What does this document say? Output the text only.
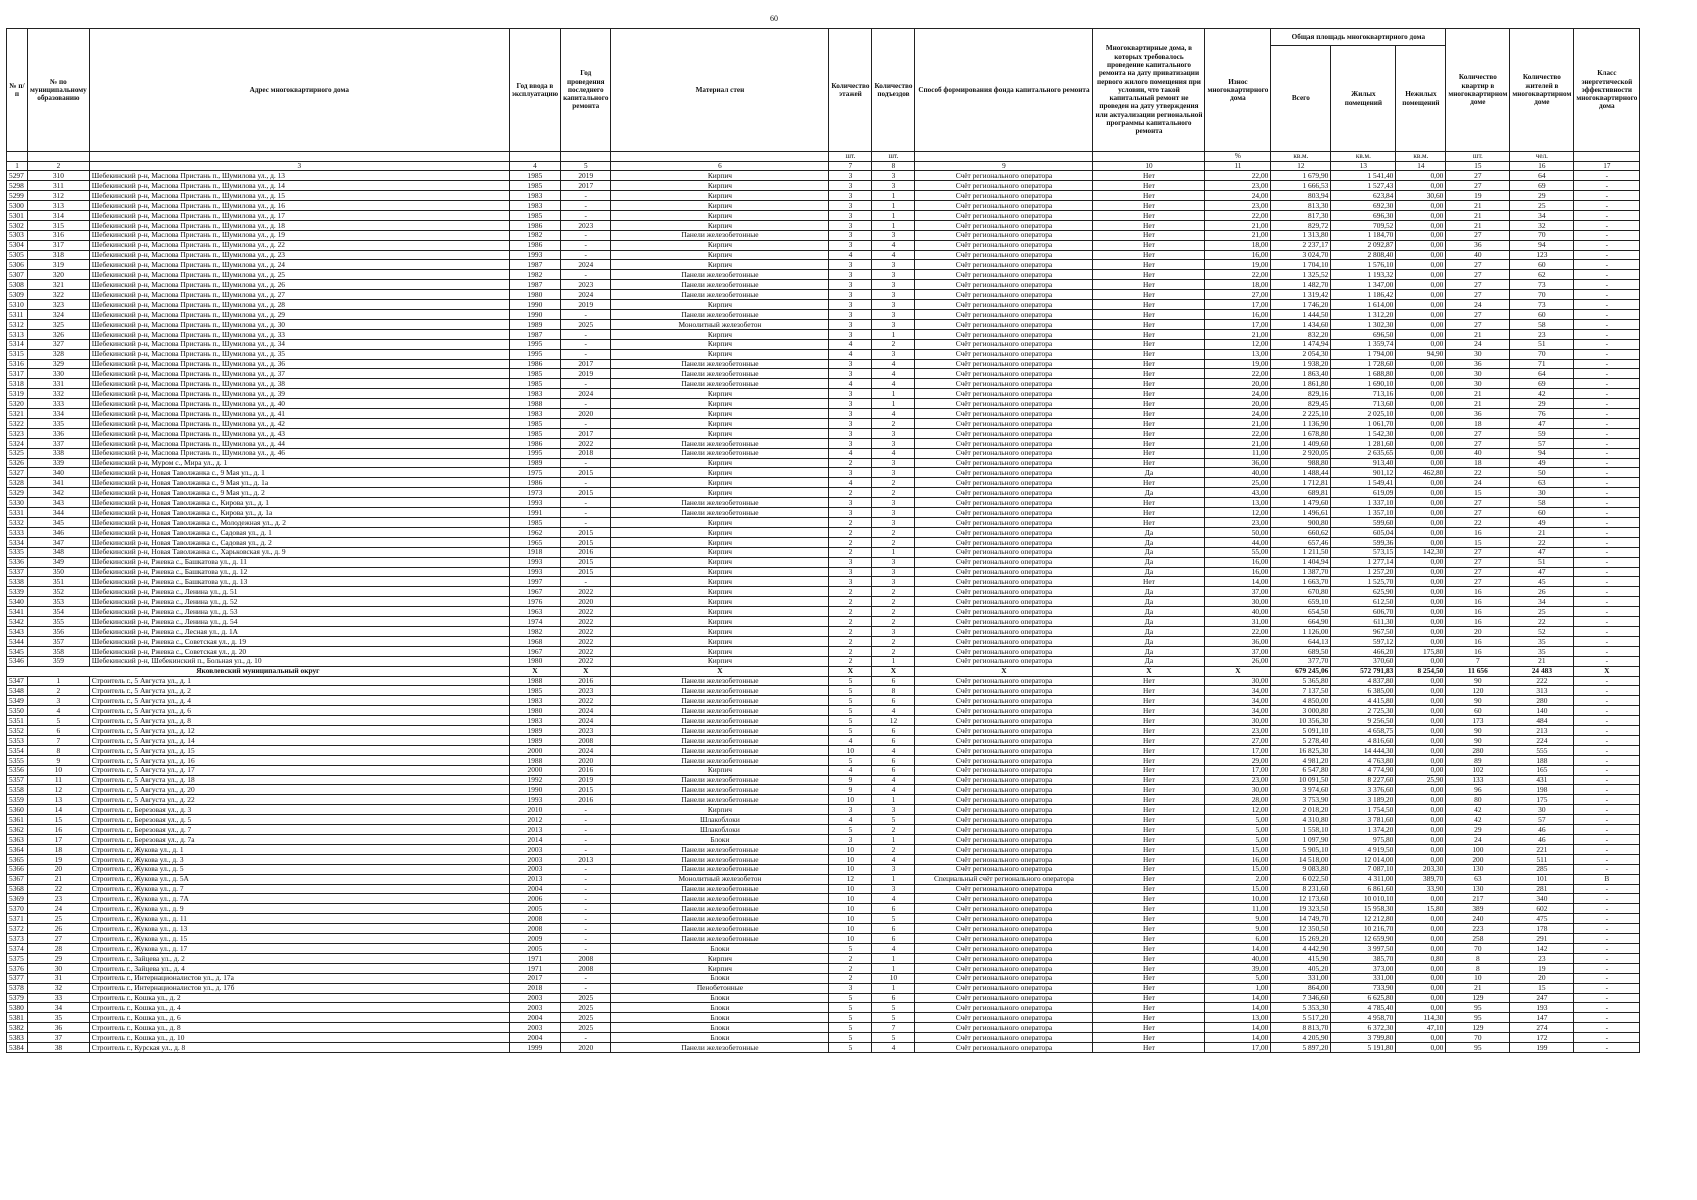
60
№ п/п	№ по муниципальному образованию	Адрес многоквартирного дома	Год ввода в эксплуатацию	Год проведения последнего капитального ремонта	Материал стен	Количество этажей	Количество подъездов	Способ формирования фонда капитального ремонта	Многоквартирные дома, в которых требовалось проведение капитального ремонта на дату приватизации первого жилого помещения при условии, что такой капитальный ремонт не проведен на дату утверждения или актуализации региональной программы капитального ремонта	Износ многоквартирного дома	Общая площадь многоквартирного дома			Количество квартир в многоквартирном доме	Количество жителей в многоквартирном доме	Класс энергетической эффективности многоквартирного дома
											Всего	Жилых помещений	Нежилых помещений			
						шт.	шт.			%	кв.м.	кв.м.	кв.м.	шт.	чел.	
1	2	3	4	5	6	7	8	9	10	11	12	13	14	15	16	17
5297	310	Шебекинский р-н, Маслова Пристань п., Шумилова ул., д. 13	1985	2019	Кирпич	3	3	Счёт регионального оператора	Нет	22,00	1 679,90	1 541,40	0,00	27	64	-
5298	311	Шебекинский р-н, Маслова Пристань п., Шумилова ул., д. 14	1985	2017	Кирпич	3	3	Счёт регионального оператора	Нет	23,00	1 666,53	1 527,43	0,00	27	69	-
5299	312	Шебекинский р-н, Маслова Пристань п., Шумилова ул., д. 15	1983	-	Кирпич	3	1	Счёт регионального оператора	Нет	24,00	803,94	623,84	30,60	19	29	-
5300	313	Шебекинский р-н, Маслова Пристань п., Шумилова ул., д. 16	1983	-	Кирпич	3	1	Счёт регионального оператора	Нет	23,00	813,30	692,30	0,00	21	25	-
5301	314	Шебекинский р-н, Маслова Пристань п., Шумилова ул., д. 17	1985	-	Кирпич	3	1	Счёт регионального оператора	Нет	22,00	817,30	696,30	0,00	21	34	-
5302	315	Шебекинский р-н, Маслова Пристань п., Шумилова ул., д. 18	1986	2023	Кирпич	3	1	Счёт регионального оператора	Нет	21,00	829,72	709,52	0,00	21	32	-
5303	316	Шебекинский р-н, Маслова Пристань п., Шумилова ул., д. 19	1982	-	Панели железобетонные	3	3	Счёт регионального оператора	Нет	21,00	1 313,80	1 184,70	0,00	27	70	-
5304	317	Шебекинский р-н, Маслова Пристань п., Шумилова ул., д. 22	1986	-	Кирпич	3	4	Счёт регионального оператора	Нет	18,00	2 237,17	2 092,87	0,00	36	94	-
5305	318	Шебекинский р-н, Маслова Пристань п., Шумилова ул., д. 23	1993	-	Кирпич	4	4	Счёт регионального оператора	Нет	16,00	3 024,70	2 808,40	0,00	40	123	-
5306	319	Шебекинский р-н, Маслова Пристань п., Шумилова ул., д. 24	1987	2024	Кирпич	3	3	Счёт регионального оператора	Нет	19,00	1 704,10	1 576,10	0,00	27	60	-
5307	320	Шебекинский р-н, Маслова Пристань п., Шумилова ул., д. 25	1982	-	Панели железобетонные	3	3	Счёт регионального оператора	Нет	22,00	1 325,52	1 193,32	0,00	27	62	-
5308	321	Шебекинский р-н, Маслова Пристань п., Шумилова ул., д. 26	1987	2023	Панели железобетонные	3	3	Счёт регионального оператора	Нет	18,00	1 482,70	1 347,00	0,00	27	73	-
5309	322	Шебекинский р-н, Маслова Пристань п., Шумилова ул., д. 27	1980	2024	Панели железобетонные	3	3	Счёт регионального оператора	Нет	27,00	1 319,42	1 186,42	0,00	27	70	-
5310	323	Шебекинский р-н, Маслова Пристань п., Шумилова ул., д. 28	1990	2019	Кирпич	3	3	Счёт регионального оператора	Нет	17,00	1 746,20	1 614,00	0,00	24	73	-
5311	324	Шебекинский р-н, Маслова Пристань п., Шумилова ул., д. 29	1990	-	Панели железобетонные	3	3	Счёт регионального оператора	Нет	16,00	1 444,50	1 312,20	0,00	27	60	-
5312	325	Шебекинский р-н, Маслова Пристань п., Шумилова ул., д. 30	1989	2025	Монолитный железобетон	3	3	Счёт регионального оператора	Нет	17,00	1 434,60	1 302,30	0,00	27	58	-
5313	326	Шебекинский р-н, Маслова Пристань п., Шумилова ул., д. 33	1987	-	Кирпич	3	1	Счёт регионального оператора	Нет	21,00	832,20	696,50	0,00	21	23	-
5314	327	Шебекинский р-н, Маслова Пристань п., Шумилова ул., д. 34	1995	-	Кирпич	4	2	Счёт регионального оператора	Нет	12,00	1 474,94	1 359,74	0,00	24	51	-
5315	328	Шебекинский р-н, Маслова Пристань п., Шумилова ул., д. 35	1995	-	Кирпич	4	3	Счёт регионального оператора	Нет	13,00	2 054,30	1 794,00	94,90	30	70	-
5316	329	Шебекинский р-н, Маслова Пристань п., Шумилова ул., д. 36	1986	2017	Панели железобетонные	3	4	Счёт регионального оператора	Нет	19,00	1 938,20	1 728,60	0,00	36	71	-
5317	330	Шебекинский р-н, Маслова Пристань п., Шумилова ул., д. 37	1985	2019	Панели железобетонные	3	4	Счёт регионального оператора	Нет	22,00	1 863,40	1 688,80	0,00	30	64	-
5318	331	Шебекинский р-н, Маслова Пристань п., Шумилова ул., д. 38	1985	-	Панели железобетонные	4	4	Счёт регионального оператора	Нет	20,00	1 861,80	1 690,10	0,00	30	69	-
5319	332	Шебекинский р-н, Маслова Пристань п., Шумилова ул., д. 39	1983	2024	Кирпич	3	1	Счёт регионального оператора	Нет	24,00	829,16	713,16	0,00	21	42	-
5320	333	Шебекинский р-н, Маслова Пристань п., Шумилова ул., д. 40	1988	-	Кирпич	3	1	Счёт регионального оператора	Нет	20,00	829,45	713,60	0,00	21	29	-
5321	334	Шебекинский р-н, Маслова Пристань п., Шумилова ул., д. 41	1983	2020	Кирпич	3	4	Счёт регионального оператора	Нет	24,00	2 225,10	2 025,10	0,00	36	76	-
5322	335	Шебекинский р-н, Маслова Пристань п., Шумилова ул., д. 42	1985	-	Кирпич	3	2	Счёт регионального оператора	Нет	21,00	1 136,90	1 061,70	0,00	18	47	-
5323	336	Шебекинский р-н, Маслова Пристань п., Шумилова ул., д. 43	1985	2017	Кирпич	3	3	Счёт регионального оператора	Нет	22,00	1 678,80	1 542,30	0,00	27	59	-
5324	337	Шебекинский р-н, Маслова Пристань п., Шумилова ул., д. 44	1986	2022	Панели железобетонные	3	3	Счёт регионального оператора	Нет	21,00	1 409,60	1 281,60	0,00	27	57	-
5325	338	Шебекинский р-н, Маслова Пристань п., Шумилова ул., д. 46	1995	2018	Панели железобетонные	4	4	Счёт регионального оператора	Нет	11,00	2 920,05	2 635,65	0,00	40	94	-
5326	339	Шебекинский р-н, Муром с., Мира ул., д. 1	1989	-	Кирпич	2	3	Счёт регионального оператора	Нет	36,00	988,80	913,40	0,00	18	49	-
5327	340	Шебекинский р-н, Новая Таволжанка с., 9 Мая ул., д. 1	1975	2015	Кирпич	3	3	Счёт регионального оператора	Да	40,00	1 488,44	901,12	462,80	22	50	-
5328	341	Шебекинский р-н, Новая Таволжанка с., 9 Мая ул., д. 1а	1986	-	Кирпич	4	2	Счёт регионального оператора	Нет	25,00	1 712,81	1 549,41	0,00	24	63	-
5329	342	Шебекинский р-н, Новая Таволжанка с., 9 Мая ул., д. 2	1973	2015	Кирпич	2	2	Счёт регионального оператора	Да	43,00	689,81	619,09	0,00	15	30	-
5330	343	Шебекинский р-н, Новая Таволжанка с., Кирова ул., д. 1	1993	-	Панели железобетонные	3	3	Счёт регионального оператора	Нет	13,00	1 479,60	1 337,10	0,00	27	58	-
5331	344	Шебекинский р-н, Новая Таволжанка с., Кирова ул., д. 1а	1991	-	Панели железобетонные	3	3	Счёт регионального оператора	Нет	12,00	1 496,61	1 357,10	0,00	27	60	-
5332	345	Шебекинский р-н, Новая Таволжанка с., Молодежная ул., д. 2	1985	-	Кирпич	2	3	Счёт регионального оператора	Нет	23,00	900,80	599,60	0,00	22	49	-
5333	346	Шебекинский р-н, Новая Таволжанка с., Садовая ул., д. 1	1962	2015	Кирпич	2	2	Счёт регионального оператора	Да	50,00	660,62	605,04	0,00	16	21	-
5334	347	Шебекинский р-н, Новая Таволжанка с., Садовая ул., д. 2	1965	2015	Кирпич	2	2	Счёт регионального оператора	Да	44,00	657,46	599,36	0,00	15	22	-
5335	348	Шебекинский р-н, Новая Таволжанка с., Харьковская ул., д. 9	1918	2016	Кирпич	2	1	Счёт регионального оператора	Да	55,00	1 211,50	573,15	142,30	27	47	-
5336	349	Шебекинский р-н, Ржевка с., Башкатова ул., д. 11	1993	2015	Кирпич	3	3	Счёт регионального оператора	Да	16,00	1 404,94	1 277,14	0,00	27	51	-
5337	350	Шебекинский р-н, Ржевка с., Башкатова ул., д. 12	1993	2015	Кирпич	3	3	Счёт регионального оператора	Да	16,00	1 387,70	1 257,20	0,00	27	47	-
5338	351	Шебекинский р-н, Ржевка с., Башкатова ул., д. 13	1997	-	Кирпич	3	3	Счёт регионального оператора	Нет	14,00	1 663,70	1 525,70	0,00	27	45	-
5339	352	Шебекинский р-н, Ржевка с., Ленина ул., д. 51	1967	2022	Кирпич	2	2	Счёт регионального оператора	Да	37,00	670,80	625,90	0,00	16	26	-
5340	353	Шебекинский р-н, Ржевка с., Ленина ул., д. 52	1976	2020	Кирпич	2	2	Счёт регионального оператора	Да	30,00	659,10	612,50	0,00	16	34	-
5341	354	Шебекинский р-н, Ржевка с., Ленина ул., д. 53	1963	2022	Кирпич	2	2	Счёт регионального оператора	Да	40,00	654,50	606,70	0,00	16	25	-
5342	355	Шебекинский р-н, Ржевка с., Ленина ул., д. 54	1974	2022	Кирпич	2	2	Счёт регионального оператора	Да	31,00	664,90	611,30	0,00	16	22	-
5343	356	Шебекинский р-н, Ржевка с., Лесная ул., д. 1А	1982	2022	Кирпич	2	3	Счёт регионального оператора	Да	22,00	1 126,00	967,50	0,00	20	52	-
5344	357	Шебекинский р-н, Ржевка с., Советская ул., д. 19	1968	2022	Кирпич	2	2	Счёт регионального оператора	Да	36,00	644,13	597,12	0,00	16	35	-
5345	358	Шебекинский р-н, Ржевка с., Советская ул., д. 20	1967	2022	Кирпич	2	2	Счёт регионального оператора	Да	37,00	689,50	466,20	175,80	16	35	-
5346	359	Шебекинский р-н, Шебекинский п., Больная ул., д. 10	1980	2022	Кирпич	2	1	Счёт регионального оператора	Да	26,00	377,70	370,60	0,00	7	21	-
Яковлевский муниципальный округ			X	X	X	X	X	X	X	X	679 245,06	572 791,83	8 254,50	11 656	24 483	X
5347	1	Строитель г., 5 Августа ул., д. 1	1988	2016	Панели железобетонные	5	6	Счёт регионального оператора	Нет	30,00	5 365,80	4 837,80	0,00	90	222	-
5348	2	Строитель г., 5 Августа ул., д. 2	1985	2023	Панели железобетонные	5	8	Счёт регионального оператора	Нет	34,00	7 137,50	6 385,00	0,00	120	313	-
5349	3	Строитель г., 5 Августа ул., д. 4	1983	2022	Панели железобетонные	5	6	Счёт регионального оператора	Нет	34,00	4 850,00	4 415,80	0,00	90	280	-
5350	4	Строитель г., 5 Августа ул., д. 6	1980	2024	Панели железобетонные	5	4	Счёт регионального оператора	Нет	34,00	3 000,80	2 725,30	0,00	60	140	-
5351	5	Строитель г., 5 Августа ул., д. 8	1983	2024	Панели железобетонные	5	12	Счёт регионального оператора	Нет	30,00	10 356,30	9 256,50	0,00	173	484	-
5352	6	Строитель г., 5 Августа ул., д. 12	1989	2023	Панели железобетонные	5	6	Счёт регионального оператора	Нет	23,00	5 091,10	4 658,75	0,00	90	213	-
5353	7	Строитель г., 5 Августа ул., д. 14	1989	2008	Панели железобетонные	4	6	Счёт регионального оператора	Нет	27,00	5 278,40	4 816,60	0,00	90	224	-
5354	8	Строитель г., 5 Августа ул., д. 15	2000	2024	Панели железобетонные	10	4	Счёт регионального оператора	Нет	17,00	16 825,30	14 444,30	0,00	280	555	-
5355	9	Строитель г., 5 Августа ул., д. 16	1988	2020	Панели железобетонные	5	6	Счёт регионального оператора	Нет	29,00	4 981,20	4 763,80	0,00	89	188	-
5356	10	Строитель г., 5 Августа ул., д. 17	2000	2016	Кирпич	4	6	Счёт регионального оператора	Нет	17,00	6 547,80	4 774,90	0,00	102	165	-
5357	11	Строитель г., 5 Августа ул., д. 18	1992	2019	Панели железобетонные	9	4	Счёт регионального оператора	Нет	23,00	10 091,50	8 227,60	25,90	133	431	-
5358	12	Строитель г., 5 Августа ул., д. 20	1990	2015	Панели железобетонные	9	4	Счёт регионального оператора	Нет	30,00	3 974,60	3 376,60	0,00	96	198	-
5359	13	Строитель г., 5 Августа ул., д. 22	1993	2016	Панели железобетонные	10	1	Счёт регионального оператора	Нет	28,00	3 753,90	3 189,20	0,00	80	175	-
5360	14	Строитель г., Березовая ул., д. 3	2010	-	Кирпич	3	3	Счёт регионального оператора	Нет	12,00	2 018,20	1 754,50	0,00	42	30	-
5361	15	Строитель г., Березовая ул., д. 5	2012	-	Шлакоблоки	4	5	Счёт регионального оператора	Нет	5,00	4 310,80	3 781,60	0,00	42	57	-
5362	16	Строитель г., Березовая ул., д. 7	2013	-	Шлакоблоки	5	2	Счёт регионального оператора	Нет	5,00	1 558,10	1 374,20	0,00	29	46	-
5363	17	Строитель г., Березовая ул., д. 7а	2014	-	Блоки	3	1	Счёт регионального оператора	Нет	5,00	1 097,90	975,80	0,00	24	46	-
5364	18	Строитель г., Жукова ул., д. 1	2003	-	Панели железобетонные	10	2	Счёт регионального оператора	Нет	15,00	5 905,10	4 919,50	0,00	100	221	-
5365	19	Строитель г., Жукова ул., д. 3	2003	2013	Панели железобетонные	10	4	Счёт регионального оператора	Нет	16,00	14 518,00	12 014,00	0,00	200	511	-
5366	20	Строитель г., Жукова ул., д. 5	2003	-	Панели железобетонные	10	3	Счёт регионального оператора	Нет	15,00	9 083,80	7 087,10	203,30	130	285	-
5367	21	Строитель г., Жукова ул., д. 5А	2013	-	Монолитный железобетон	12	1	Специальный счёт регионального оператора	Нет	2,00	6 022,50	4 311,00	389,70	63	101	В
5368	22	Строитель г., Жукова ул., д. 7	2004	-	Панели железобетонные	10	3	Счёт регионального оператора	Нет	15,00	8 231,60	6 861,60	33,90	130	281	-
5369	23	Строитель г., Жукова ул., д. 7А	2006	-	Панели железобетонные	10	4	Счёт регионального оператора	Нет	10,00	12 173,60	10 010,10	0,00	217	340	-
5370	24	Строитель г., Жукова ул., д. 9	2005	-	Панели железобетонные	10	6	Счёт регионального оператора	Нет	11,00	19 323,50	15 958,30	15,80	389	602	-
5371	25	Строитель г., Жукова ул., д. 11	2008	-	Панели железобетонные	10	5	Счёт регионального оператора	Нет	9,00	14 749,70	12 212,80	0,00	240	475	-
5372	26	Строитель г., Жукова ул., д. 13	2008	-	Панели железобетонные	10	6	Счёт регионального оператора	Нет	9,00	12 350,50	10 216,70	0,00	223	178	-
5373	27	Строитель г., Жукова ул., д. 15	2009	-	Панели железобетонные	10	6	Счёт регионального оператора	Нет	6,00	15 269,20	12 659,90	0,00	258	291	-
5374	28	Строитель г., Жукова ул., д. 17	2005	-	Блоки	5	4	Счёт регионального оператора	Нет	14,00	4 442,90	3 997,50	0,00	70	142	-
5375	29	Строитель г., Зайцева ул., д. 2	1971	2008	Кирпич	2	1	Счёт регионального оператора	Нет	40,00	415,90	385,70	0,80	8	23	-
5376	30	Строитель г., Зайцева ул., д. 4	1971	2008	Кирпич	2	1	Счёт регионального оператора	Нет	39,00	405,20	373,00	0,00	8	19	-
5377	31	Строитель г., Интернационалистов ул., д. 17а	2017	-	Блоки	2	10	Счёт регионального оператора	Нет	5,00	331,00	331,00	0,00	10	20	-
5378	32	Строитель г., Интернационалистов ул., д. 17б	2018	-	Пенобетонные	3	1	Счёт регионального оператора	Нет	1,00	864,00	733,90	0,00	21	15	-
5379	33	Строитель г., Кошка ул., д. 2	2003	2025	Блоки	5	6	Счёт регионального оператора	Нет	14,00	7 346,60	6 625,80	0,00	129	247	-
5380	34	Строитель г., Кошка ул., д. 4	2003	2025	Блоки	5	5	Счёт регионального оператора	Нет	14,00	5 353,30	4 785,40	0,00	95	193	-
5381	35	Строитель г., Кошка ул., д. 6	2004	2025	Блоки	5	5	Счёт регионального оператора	Нет	13,00	5 517,20	4 958,70	114,30	95	147	-
5382	36	Строитель г., Кошка ул., д. 8	2003	2025	Блоки	5	7	Счёт регионального оператора	Нет	14,00	8 813,70	6 372,30	47,10	129	274	-
5383	37	Строитель г., Кошка ул., д. 10	2004	-	Блоки	5	5	Счёт регионального оператора	Нет	14,00	4 205,90	3 799,80	0,00	70	172	-
5384	38	Строитель г., Курская ул., д. 8	1999	2020	Панели железобетонные	5	4	Счёт регионального оператора	Нет	17,00	5 897,20	5 191,80	0,00	95	199	-
